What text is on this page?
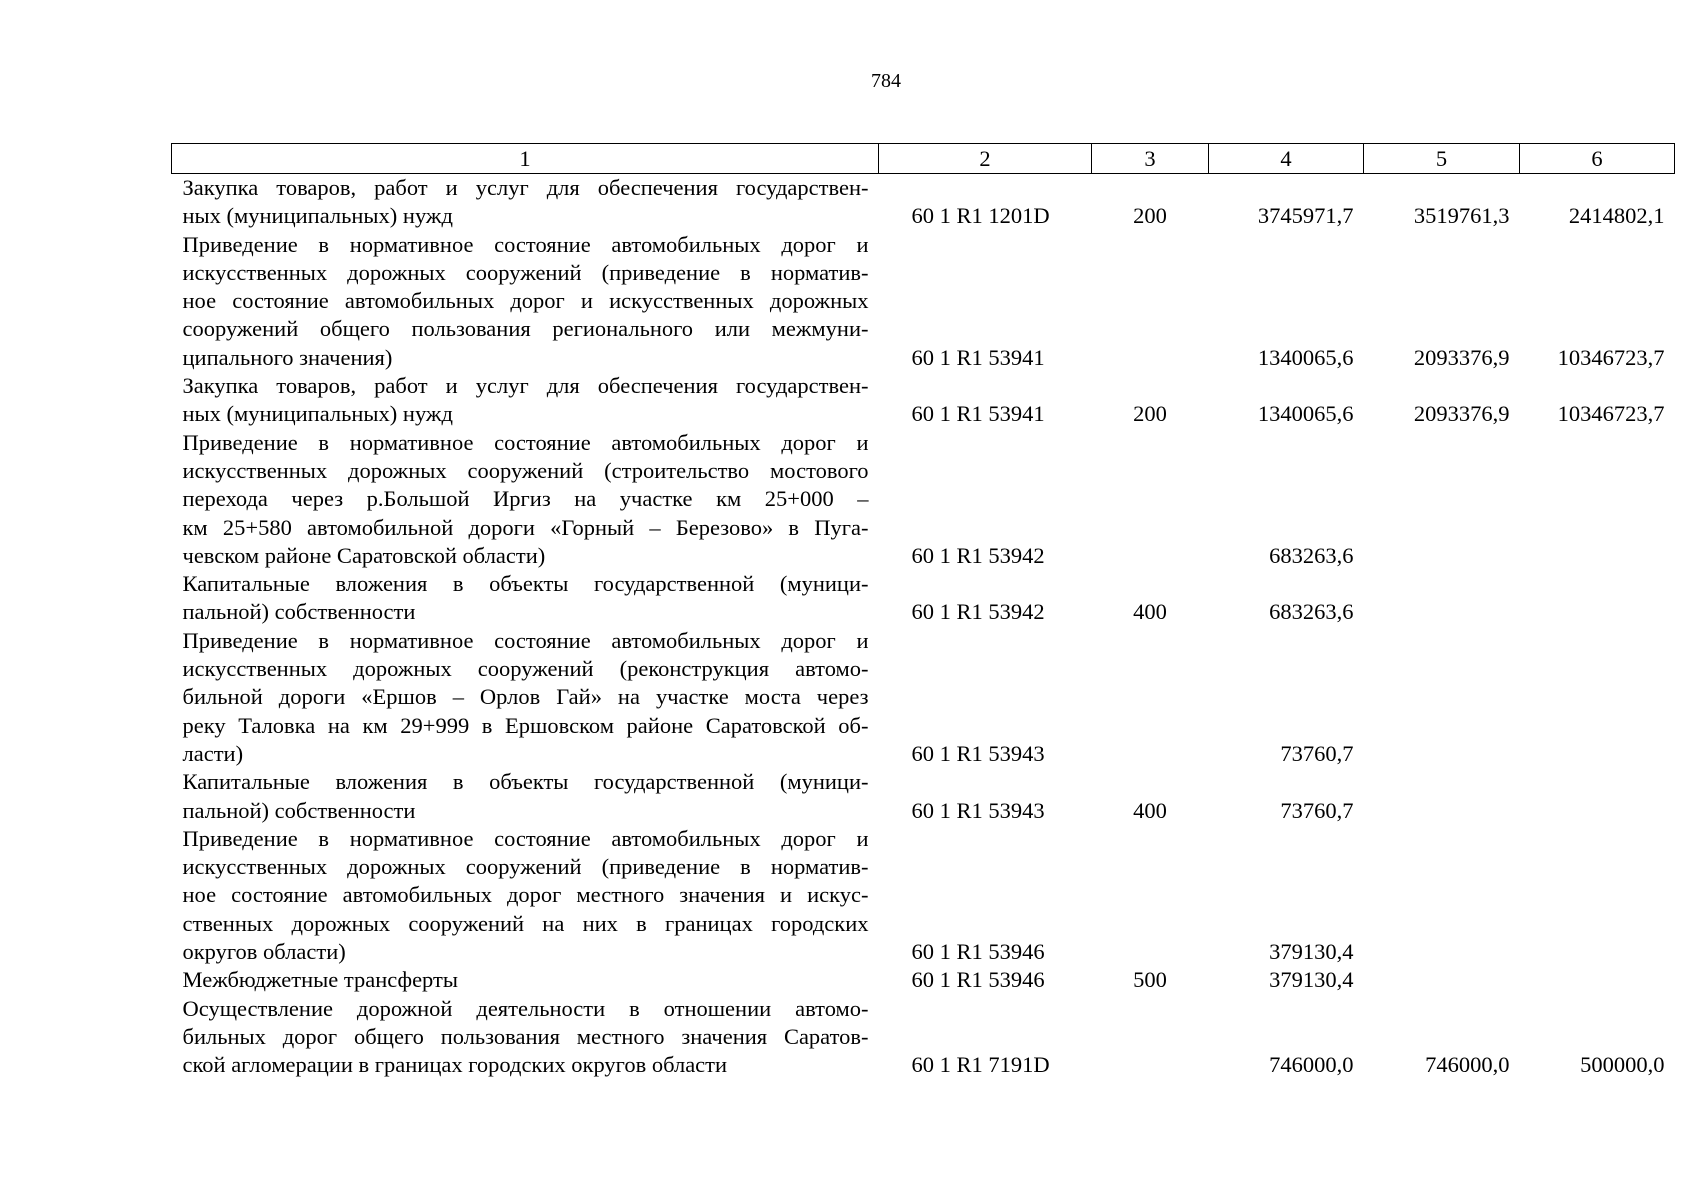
784
1	2	3	4	5	6

Закупка товаров, работ и услуг для обеспечения государствен-
ных (муниципальных) нужд	60 1 R1 1201D	200	3745971,7	3519761,3	2414802,1

Приведение в нормативное состояние автомобильных дорог и
искусственных дорожных сооружений (приведение в норматив-
ное состояние автомобильных дорог и искусственных дорожных
сооружений общего пользования регионального или межмуни-
ципального значения)	60 1 R1 53941		1340065,6	2093376,9	10346723,7

Закупка товаров, работ и услуг для обеспечения государствен-
ных (муниципальных) нужд	60 1 R1 53941	200	1340065,6	2093376,9	10346723,7

Приведение в нормативное состояние автомобильных дорог и
искусственных дорожных сооружений (строительство мостового
перехода через р.Большой Иргиз на участке км 25+000 –
км 25+580 автомобильной дороги «Горный – Березово» в Пуга-
чевском районе Саратовской области)	60 1 R1 53942		683263,6		

Капитальные вложения в объекты государственной (муници-
пальной) собственности	60 1 R1 53942	400	683263,6		

Приведение в нормативное состояние автомобильных дорог и
искусственных дорожных сооружений (реконструкция автомо-
бильной дороги «Ершов – Орлов Гай» на участке моста через
реку Таловка на км 29+999 в Ершовском районе Саратовской об-
ласти)	60 1 R1 53943		73760,7		

Капитальные вложения в объекты государственной (муници-
пальной) собственности	60 1 R1 53943	400	73760,7		

Приведение в нормативное состояние автомобильных дорог и
искусственных дорожных сооружений (приведение в норматив-
ное состояние автомобильных дорог местного значения и искус-
ственных дорожных сооружений на них в границах городских
округов области)	60 1 R1 53946		379130,4		

Межбюджетные трансферты	60 1 R1 53946	500	379130,4		

Осуществление дорожной деятельности в отношении автомо-
бильных дорог общего пользования местного значения Саратов-
ской агломерации в границах городских округов области	60 1 R1 7191D		746000,0	746000,0	500000,0
